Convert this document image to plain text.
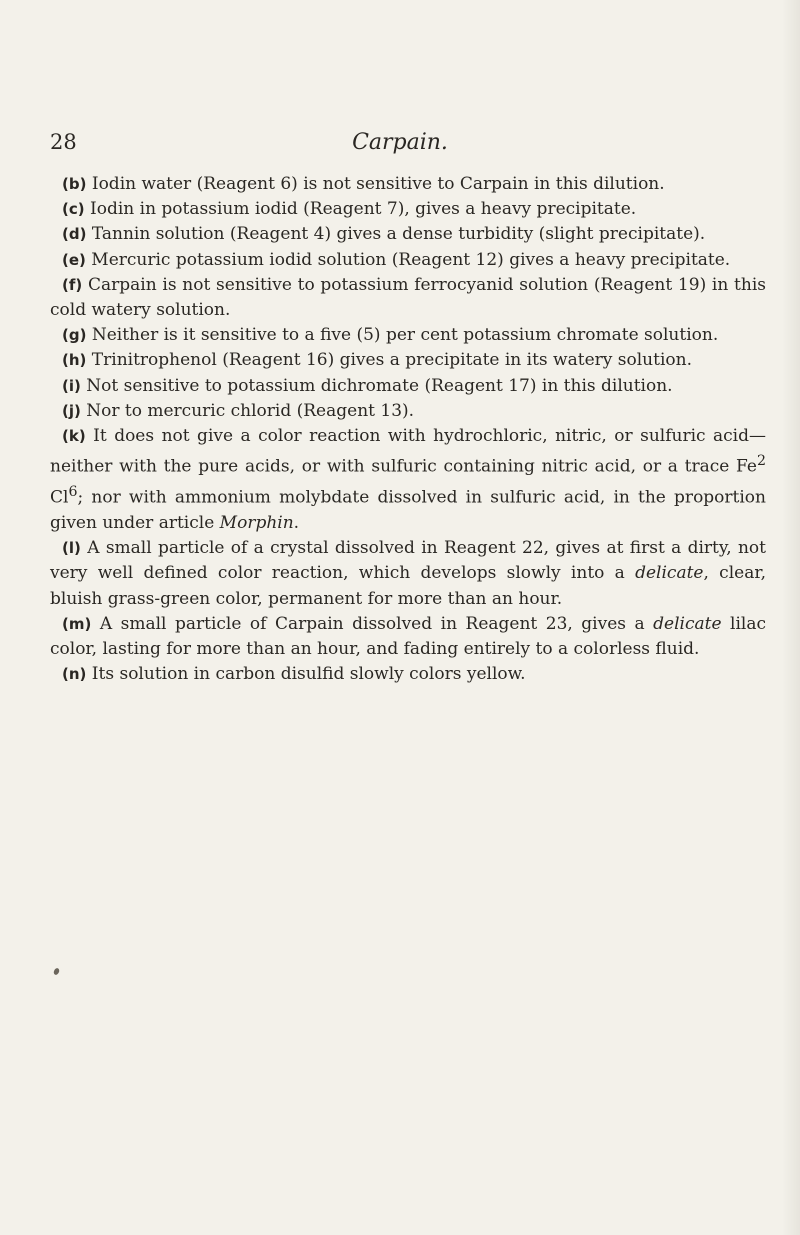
28	Carpain.

(b) Iodin water (Reagent 6) is not sensitive to Carpain in this dilution.

(c) Iodin in potassium iodid (Reagent 7), gives a heavy precipitate.

(d) Tannin solution (Reagent 4) gives a dense turbidity (slight precipitate).

(e) Mercuric potassium iodid solution (Reagent 12) gives a heavy precipitate.

(f) Carpain is not sensitive to potassium ferrocyanid solution (Reagent 19) in this cold watery solution.

(g) Neither is it sensitive to a five (5) per cent potassium chromate solution.

(h) Trinitrophenol (Reagent 16) gives a precipitate in its watery solution.

(i) Not sensitive to potassium dichromate (Reagent 17) in this dilution.

(j) Nor to mercuric chlorid (Reagent 13).

(k) It does not give a color reaction with hydrochloric, nitric, or sulfuric acid—neither with the pure acids, or with sulfuric containing nitric acid, or a trace Fe$^2$ Cl$^6$; nor with ammonium molybdate dissolved in sulfuric acid, in the proportion given under article Morphin.

(l) A small particle of a crystal dissolved in Reagent 22, gives at first a dirty, not very well defined color reaction, which develops slowly into a delicate, clear, bluish grass-green color, permanent for more than an hour.

(m) A small particle of Carpain dissolved in Reagent 23, gives a delicate lilac color, lasting for more than an hour, and fading entirely to a colorless fluid.

(n) Its solution in carbon disulfid slowly colors yellow.
